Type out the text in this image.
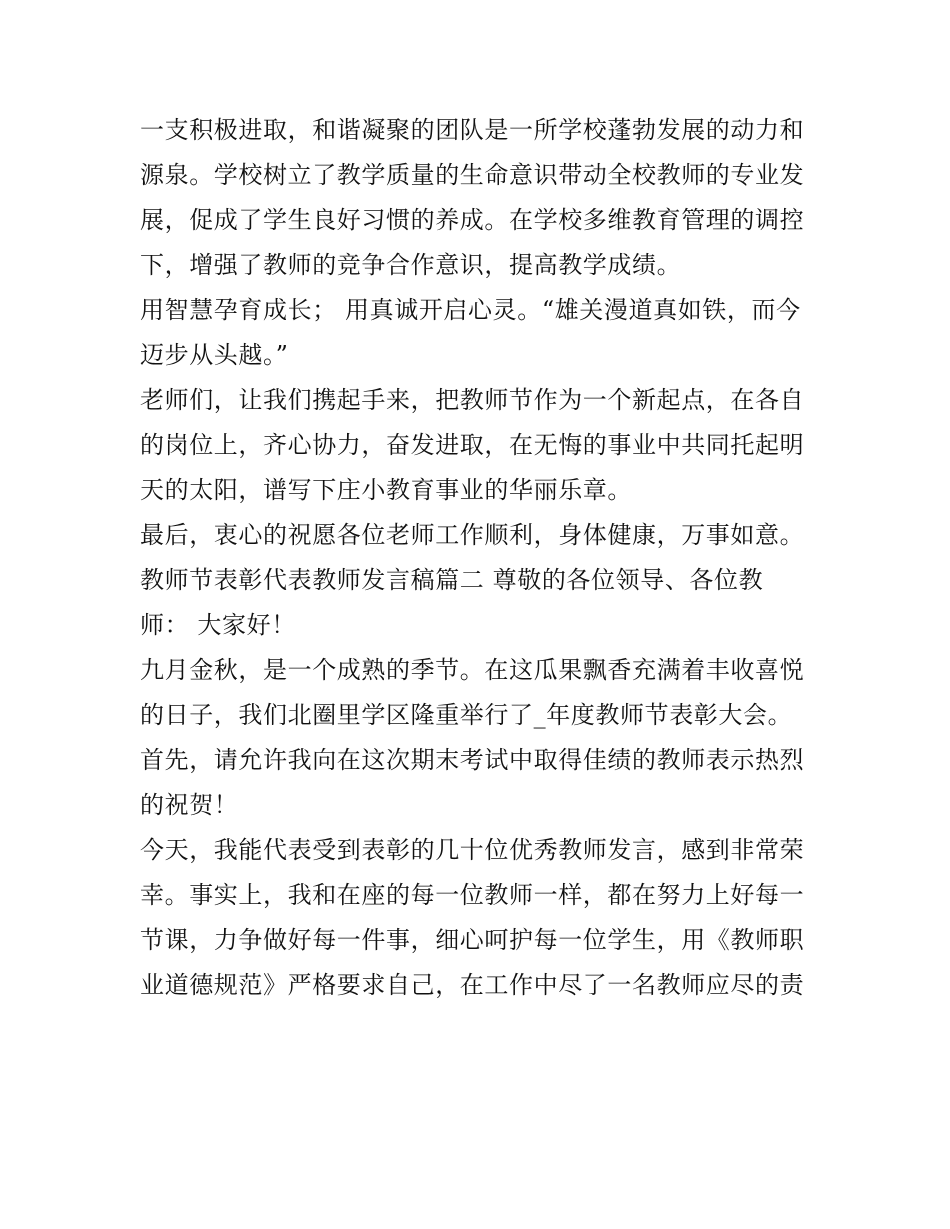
一支积极进取，和谐凝聚的团队是一所学校蓬勃发展的动力和
源泉。学校树立了教学质量的生命意识带动全校教师的专业发
展，促成了学生良好习惯的养成。在学校多维教育管理的调控
下，增强了教师的竞争合作意识，提高教学成绩。
用智慧孕育成长； 用真诚开启心灵。“雄关漫道真如铁，而今
迈步从头越。”
老师们，让我们携起手来，把教师节作为一个新起点，在各自
的岗位上，齐心协力，奋发进取，在无悔的事业中共同托起明
天的太阳，谱写下庄小教育事业的华丽乐章。
最后，衷心的祝愿各位老师工作顺利，身体健康，万事如意。
教师节表彰代表教师发言稿篇二 尊敬的各位领导、各位教
师： 大家好！
九月金秋，是一个成熟的季节。在这瓜果飘香充满着丰收喜悦
的日子，我们北圈里学区隆重举行了_年度教师节表彰大会。
首先，请允许我向在这次期末考试中取得佳绩的教师表示热烈
的祝贺！
今天，我能代表受到表彰的几十位优秀教师发言，感到非常荣
幸。事实上，我和在座的每一位教师一样，都在努力上好每一
节课，力争做好每一件事，细心呵护每一位学生，用《教师职
业道德规范》严格要求自己，在工作中尽了一名教师应尽的责
